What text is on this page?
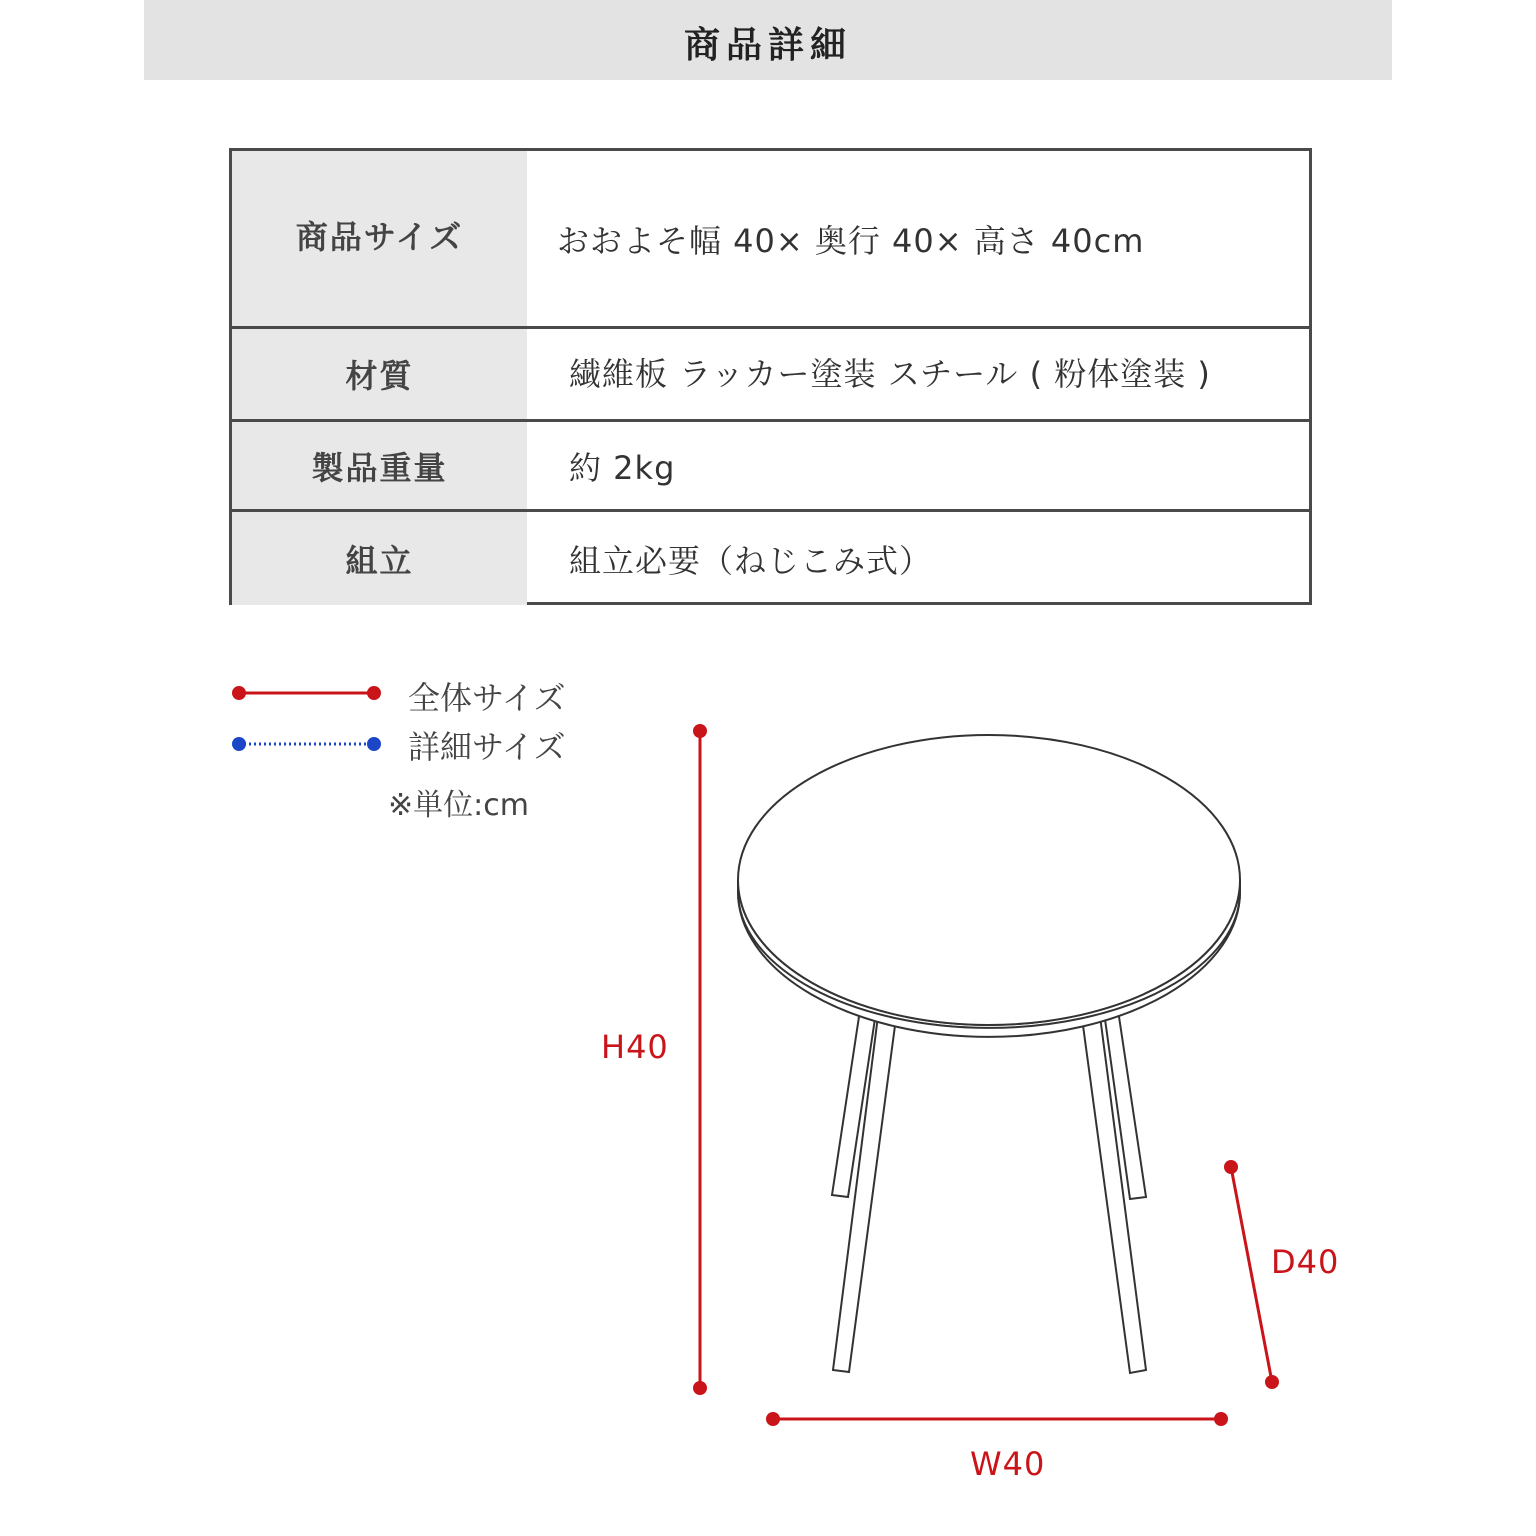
商品詳細
商品サイズ	おおよそ幅 40× 奥行 40× 高さ 40cm
材質	繊維板 ラッカー塗装 スチール ( 粉体塗装 )
製品重量	約 2kg
組立	組立必要（ねじこみ式）
全体サイズ
詳細サイズ
※単位:cm
H40
W40
D40
